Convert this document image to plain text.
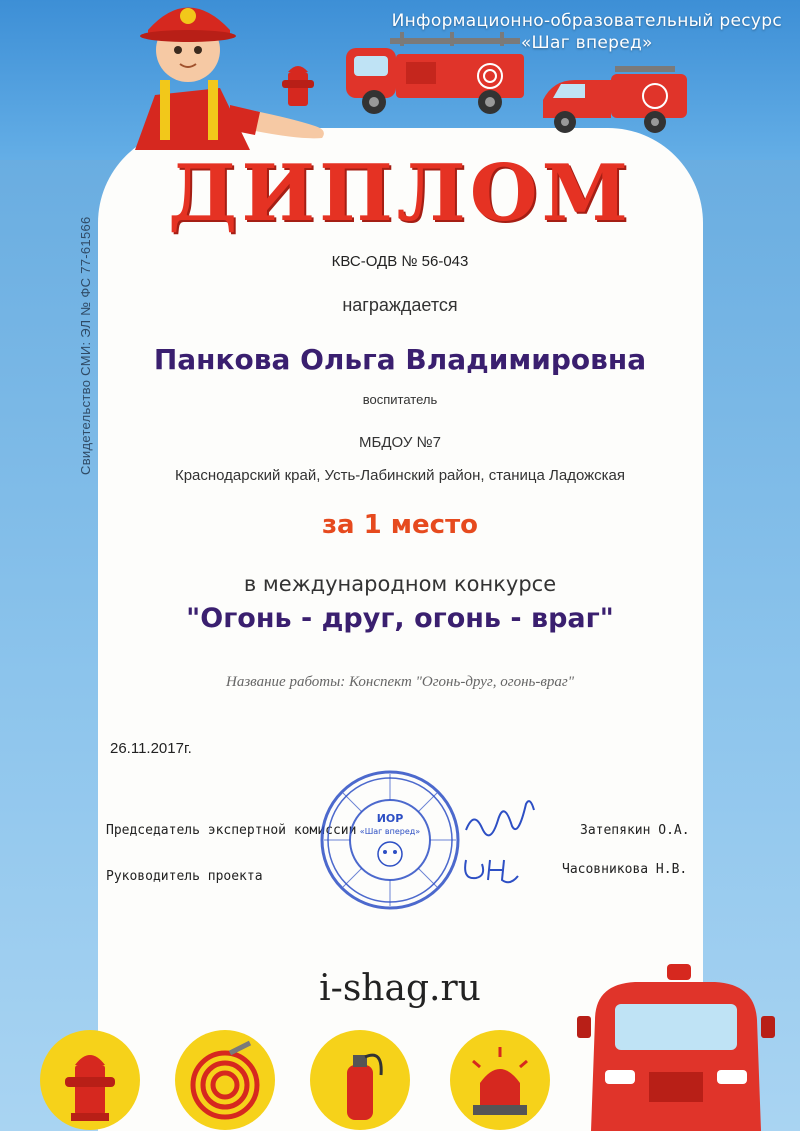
Информационно-образовательный ресурс
«Шаг вперед»
Свидетельство СМИ: ЭЛ № ФС 77-61566
ДИПЛОМ
КВС-ОДВ № 56-043
награждается
Панкова Ольга Владимировна
воспитатель
МБДОУ №7
Краснодарский край, Усть-Лабинский район, станица Ладожская
за 1 место
в международном конкурсе
"Огонь - друг, огонь - враг"
Название работы: Конспект "Огонь-друг, огонь-враг"
26.11.2017г.
Председатель экспертной комиссии	Затепякин О.А.
Руководитель проекта	Часовникова Н.В.
ИОР
«Шаг вперед»
i-shag.ru
